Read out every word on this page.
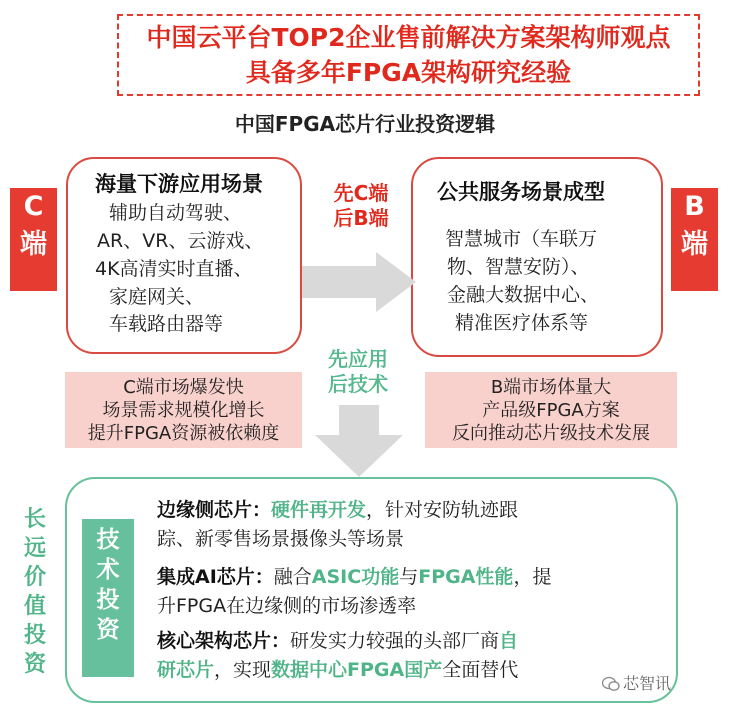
中国云平台TOP2企业售前解决方案架构师观点
具备多年FPGA架构研究经验
中国FPGA芯片行业投资逻辑
C
端
B
端
海量下游应用场景
辅助自动驾驶、
AR、VR、云游戏、
4K高清实时直播、
家庭网关、
车载路由器等
公共服务场景成型
智慧城市（车联万
物、智慧安防）、
金融大数据中心、
精准医疗体系等
先C端
后B端
先应用
后技术
C端市场爆发快
场景需求规模化增长
提升FPGA资源被依赖度
B端市场体量大
产品级FPGA方案
反向推动芯片级技术发展
长
远
价
值
投
资
技
术
投
资
边缘侧芯片：硬件再开发，针对安防轨迹跟
踪、新零售场景摄像头等场景
集成AI芯片：融合ASIC功能与FPGA性能，提
升FPGA在边缘侧的市场渗透率
核心架构芯片：研发实力较强的头部厂商自
研芯片，实现数据中心FPGA国产全面替代
芯智讯
